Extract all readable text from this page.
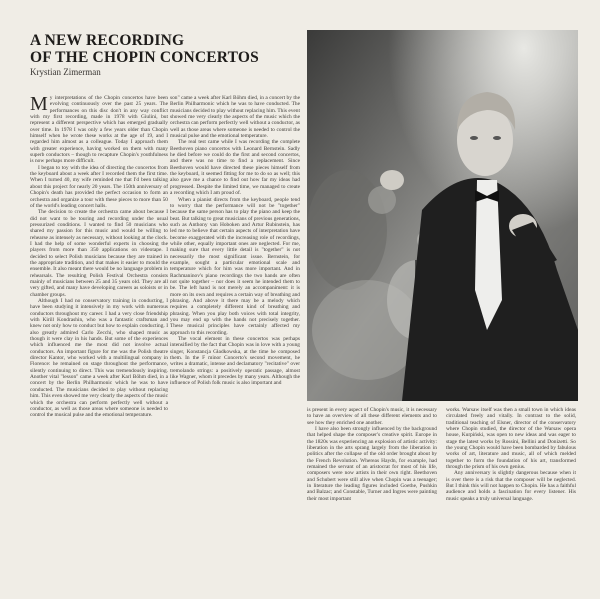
A NEW RECORDING
OF THE CHOPIN CONCERTOS
Krystian Zimerman

My interpretations of the Chopin concertos have been evolving continuously over the past 25 years. The performances on this disc don't in any way conflict with my first recording, made in 1978 with Giulini, but represent a different perspective which has emerged gradually over time. In 1978 I was only a few years older than Chopin himself when he wrote these works at the age of 19, and I regarded him almost as a colleague. Today I approach them with greater experience, having worked on them with many superb conductors – though to recapture Chopin's youthfulness is now perhaps more difficult.

I began to toy with the idea of directing the concertos from the keyboard about a week after I recorded them the first time. When I turned 40, my wife reminded me that I'd been talking about this project for nearly 20 years. The 150th anniversary of Chopin's death has provided the perfect occasion to form an orchestra and organize a tour with these pieces to more than 50 of the world's leading concert halls.

The decision to create the orchestra came about because I did not want to be touring and recording under the usual pressurized conditions. I wanted to find 50 musicians who shared my passion for this music and would be willing to rehearse as intensely as necessary, without looking at the clock. I had the help of some wonderful experts in choosing the players from more than 350 applications on videotape. I decided to select Polish musicians because they are trained in the appropriate tradition, and that makes it easier to mould the ensemble. It also meant there would be no language problem in rehearsals. The resulting Polish Festival Orchestra consists mainly of musicians between 25 and 35 years old. They are all very gifted, and many have developing careers as soloists or in chamber groups.

Although I had no conservatory training in conducting, I have been studying it intensively in my work with numerous conductors throughout my career. I had a very close friendship with Kirill Kondrashin, who was a fantastic craftsman and knew not only how to conduct but how to explain conducting. I also greatly admired Carlo Zecchi, who shaped music as though it were clay in his hands. But some of the experiences which influenced me the most did not involve actual conductors. An important figure for me was the Polish theatre director Kantor, who worked with a multilingual company in Florence: he remained on stage throughout the performance, silently continuing to direct. This was tremendously inspiring. Another vital "lesson" came a week after Karl Böhm died, in a concert by the Berlin Philharmonic which he was to have conducted. The musicians decided to play without replacing him. This even showed me very clearly the aspects of the music which the orchestra can perform perfectly well without a conductor, as well as those areas where someone is needed to control the musical pulse and the emotional temperature.

son" came a week after Karl Böhm died, in a concert by the Berlin Philharmonic which he was to have conducted. The musicians decided to play without replacing him. This event showed me very clearly the aspects of the music which the orchestra can perform perfectly well without a conductor, as well as those areas where someone is needed to control the musical pulse and the emotional temperature.

The real test came while I was recording the complete Beethoven piano concertos with Leonard Bernstein. Sadly he died before we could do the first and second concertos, and there was no time to find a replacement. Since Beethoven would have directed these pieces himself from the keyboard, it seemed fitting for me to do so as well; this also gave me a chance to find out how far my ideas had progressed. Despite the limited time, we managed to create a recording which I am proud of.

When a pianist directs from the keyboard, people tend to worry that the performance will not be "together" because the same person has to play the piano and keep the beat. But talking to great musicians of previous generations, such as Anthony van Hoboken and Artur Rubinstein, has led me to believe that certain aspects of interpretation have become exaggerated with the increasing role of recordings, while other, equally important ones are neglected. For me, making sure that every little detail is "together" is not necessarily the most significant issue. Bernstein, for example, sought a particular emotional scale and temperature which for him was more important. And in Rachmaninov's piano recordings the two hands are often not quite together – nor does it seem he intended them to be. The left hand is not merely an accompaniment: it is more on its own and requires a certain way of breathing and phrasing. And above it there may be a melody which requires a completely different kind of breathing and phrasing. When you play both voices with total integrity, you may end up with the hands not precisely together. These musical principles have certainly affected my approach to this recording.

The vocal element in these concertos was perhaps intensified by the fact that Chopin was in love with a young singer, Konstancja Gładkowska, at the time he composed them. In the F minor Concerto's second movement, he writes a dramatic, intense and declamatory "recitative" over tremolando strings: a positively operatic passage, almost like Wagner, whom it precedes by many years. Although the influence of Polish folk music is also important and

is present in every aspect of Chopin's music, it is necessary to have an overview of all these different elements and to see how they enriched one another.

I have also been strongly influenced by the background that helped shape the composer's creative spirit. Europe in the 1820s was experiencing an explosion of artistic activity: liberation in the arts sprang largely from the liberation in politics after the collapse of the old order brought about by the French Revolution. Whereas Haydn, for example, had remained the servant of an aristocrat for most of his life, composers were now artists in their own right. Beethoven and Schubert were still alive when Chopin was a teenager; in literature the leading figures included Goethe, Pushkin and Balzac; and Constable, Turner and Ingres were painting their most important

works. Warsaw itself was then a small town in which ideas circulated freely and vitally. In contrast to the solid, traditional teaching of Elsner, director of the conservatory where Chopin studied, the director of the Warsaw opera house, Kurpiński, was open to new ideas and was eager to stage the latest works by Rossini, Bellini and Donizetti. So the young Chopin would have been bombarded by fabulous works of art, literature and music, all of which melded together to form the foundation of his art, transformed through the prism of his own genius.

Any anniversary is slightly dangerous because when it is over there is a risk that the composer will be neglected. But I think this will not happen to Chopin. He has a faithful audience and holds a fascination for every listener. His music speaks a truly universal language.
